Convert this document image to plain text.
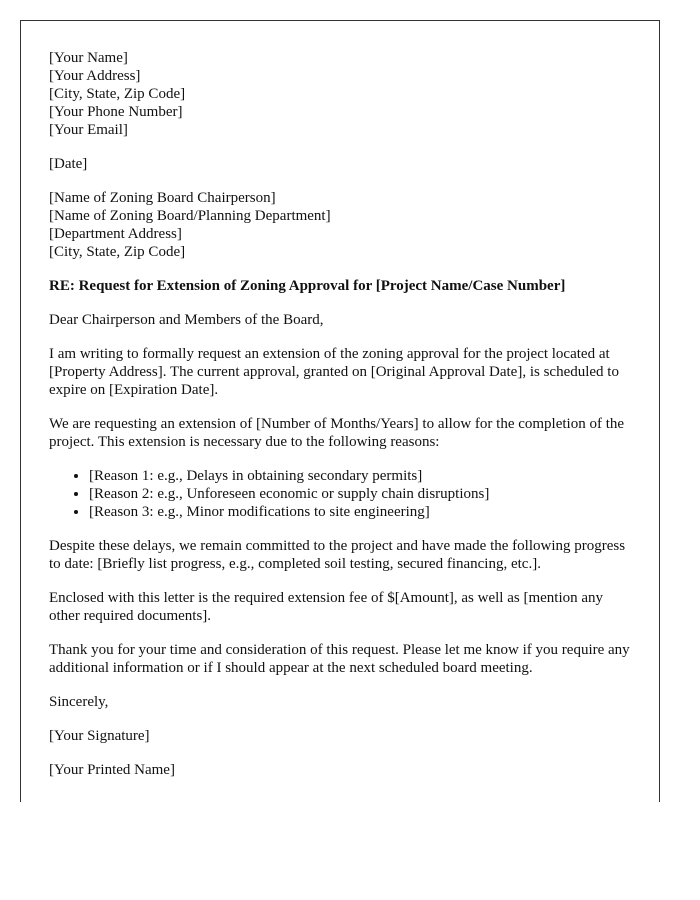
[Your Name]
[Your Address]
[City, State, Zip Code]
[Your Phone Number]
[Your Email]

[Date]

[Name of Zoning Board Chairperson]
[Name of Zoning Board/Planning Department]
[Department Address]
[City, State, Zip Code]

RE: Request for Extension of Zoning Approval for [Project Name/Case Number]

Dear Chairperson and Members of the Board,

I am writing to formally request an extension of the zoning approval for the project located at [Property Address]. The current approval, granted on [Original Approval Date], is scheduled to expire on [Expiration Date].

We are requesting an extension of [Number of Months/Years] to allow for the completion of the project. This extension is necessary due to the following reasons:

• [Reason 1: e.g., Delays in obtaining secondary permits]
• [Reason 2: e.g., Unforeseen economic or supply chain disruptions]
• [Reason 3: e.g., Minor modifications to site engineering]

Despite these delays, we remain committed to the project and have made the following progress to date: [Briefly list progress, e.g., completed soil testing, secured financing, etc.].

Enclosed with this letter is the required extension fee of $[Amount], as well as [mention any other required documents].

Thank you for your time and consideration of this request. Please let me know if you require any additional information or if I should appear at the next scheduled board meeting.

Sincerely,

[Your Signature]

[Your Printed Name]
